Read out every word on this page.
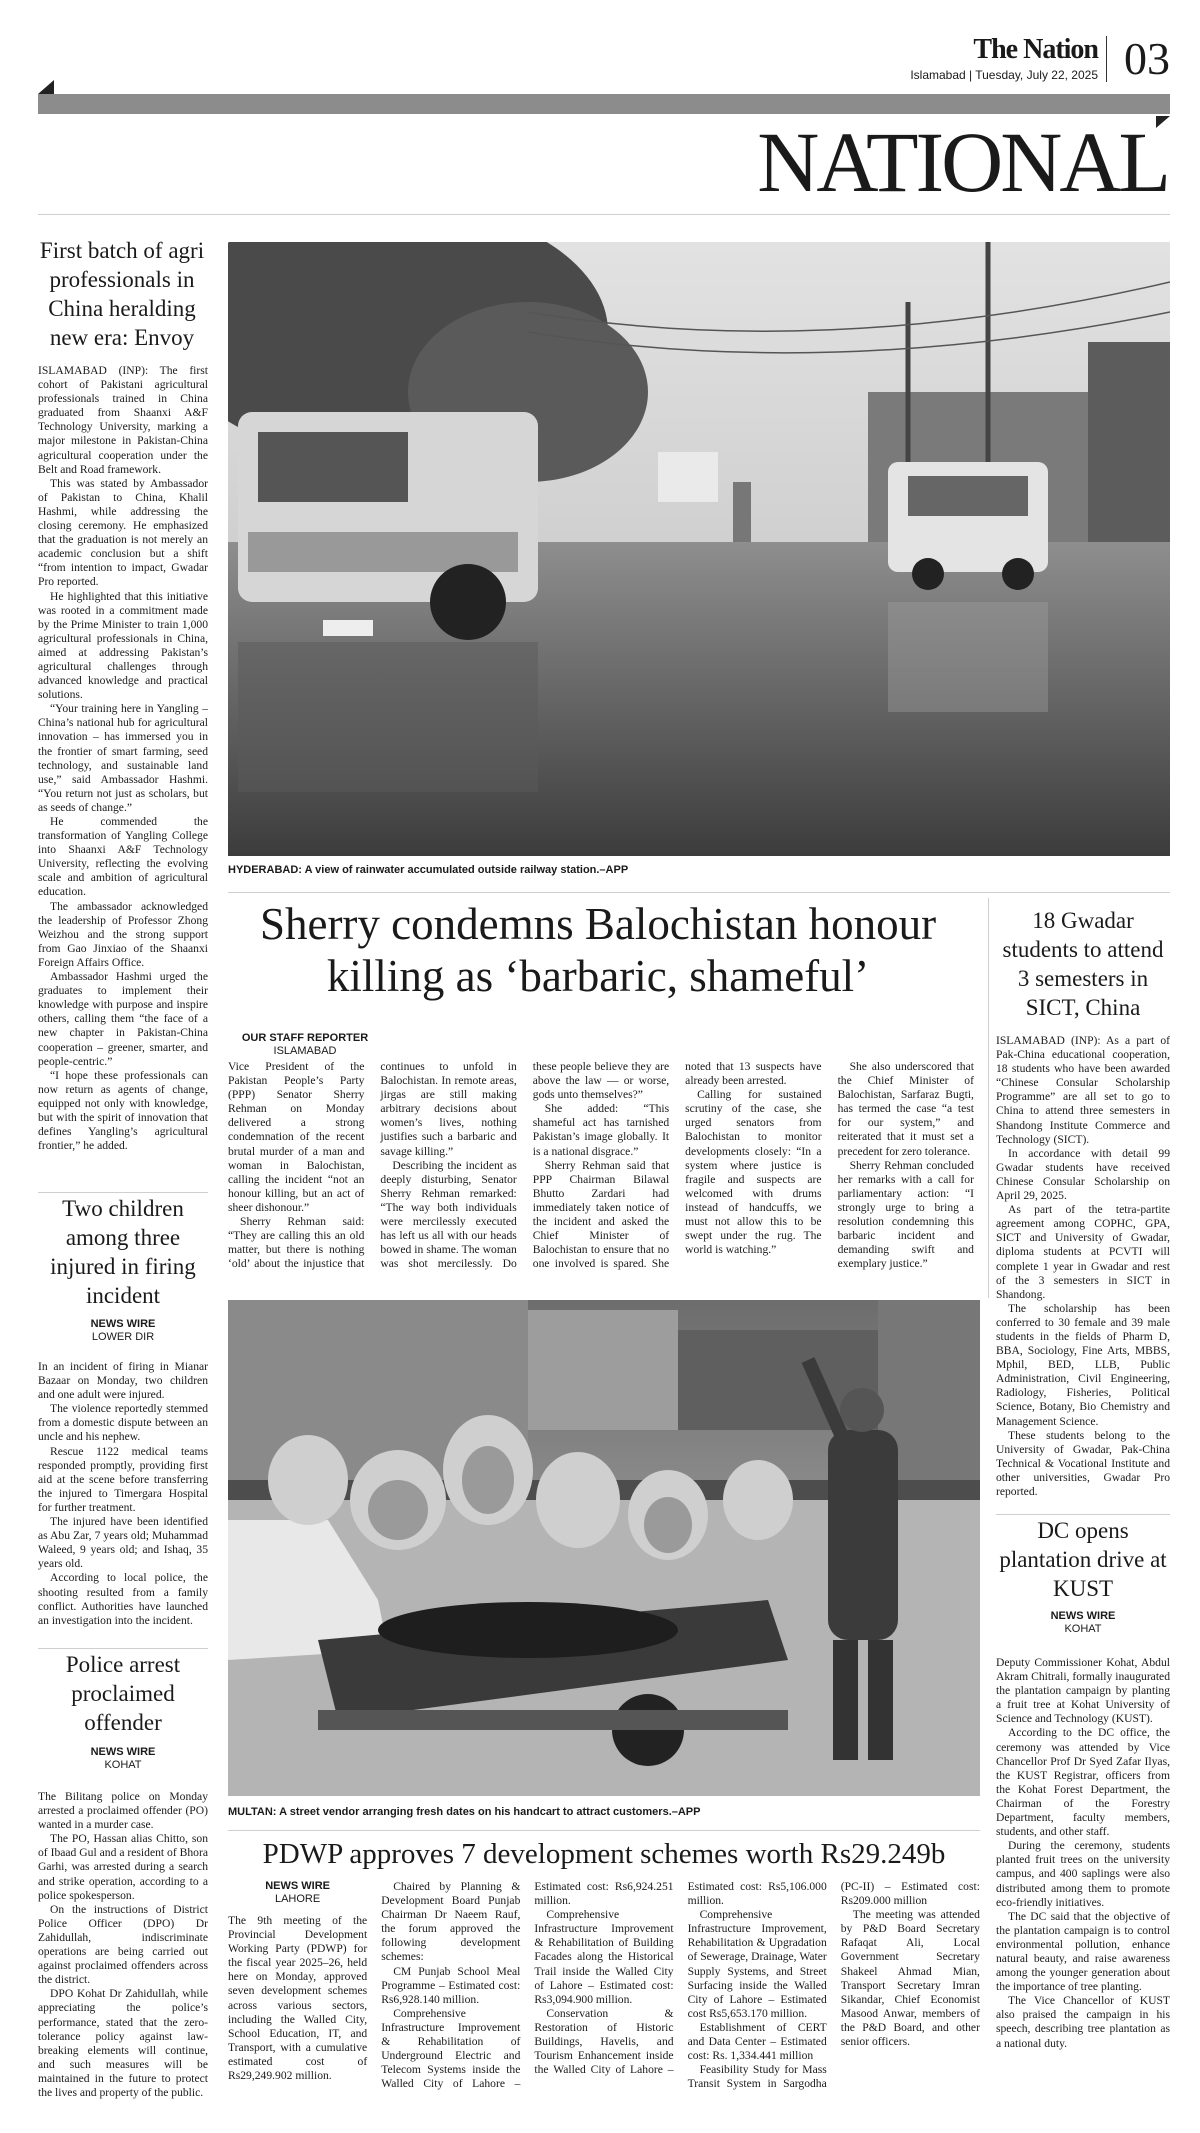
The Nation
Islamabad | Tuesday, July 22, 2025 03
NATIONAL
First batch of agri professionals in China heralding new era: Envoy

ISLAMABAD (INP): The first cohort of Pakistani agricultural professionals trained in China graduated from Shaanxi A&F Technology University, marking a major milestone in Pakistan-China agricultural cooperation under the Belt and Road framework.

This was stated by Ambassador of Pakistan to China, Khalil Hashmi, while addressing the closing ceremony. He emphasized that the graduation is not merely an academic conclusion but a shift “from intention to impact, Gwadar Pro reported.

He highlighted that this initiative was rooted in a commitment made by the Prime Minister to train 1,000 agricultural professionals in China, aimed at addressing Pakistan’s agricultural challenges through advanced knowledge and practical solutions.

“Your training here in Yangling – China’s national hub for agricultural innovation – has immersed you in the frontier of smart farming, seed technology, and sustainable land use,” said Ambassador Hashmi. “You return not just as scholars, but as seeds of change.”

He commended the transformation of Yangling College into Shaanxi A&F Technology University, reflecting the evolving scale and ambition of agricultural education.

The ambassador acknowledged the leadership of Professor Zhong Weizhou and the strong support from Gao Jinxiao of the Shaanxi Foreign Affairs Office.

Ambassador Hashmi urged the graduates to implement their knowledge with purpose and inspire others, calling them “the face of a new chapter in Pakistan-China cooperation – greener, smarter, and people-centric.”

“I hope these professionals can now return as agents of change, equipped not only with knowledge, but with the spirit of innovation that defines Yangling’s agricultural frontier,” he added.

Two children among three injured in firing incident
NEWS WIRE
LOWER DIR

In an incident of firing in Mianar Bazaar on Monday, two children and one adult were injured.

The violence reportedly stemmed from a domestic dispute between an uncle and his nephew.

Rescue 1122 medical teams responded promptly, providing first aid at the scene before transferring the injured to Timergara Hospital for further treatment.

The injured have been identified as Abu Zar, 7 years old; Muhammad Waleed, 9 years old; and Ishaq, 35 years old.

According to local police, the shooting resulted from a family conflict. Authorities have launched an investigation into the incident.

Police arrest proclaimed offender
NEWS WIRE
KOHAT

The Bilitang police on Monday arrested a proclaimed offender (PO) wanted in a murder case.

The PO, Hassan alias Chitto, son of Ibaad Gul and a resident of Bhora Garhi, was arrested during a search and strike operation, according to a police spokesperson.

On the instructions of District Police Officer (DPO) Dr Zahidullah, indiscriminate operations are being carried out against proclaimed offenders across the district.

DPO Kohat Dr Zahidullah, while appreciating the police’s performance, stated that the zero-tolerance policy against law-breaking elements will continue, and such measures will be maintained in the future to protect the lives and property of the public.

HYDERABAD: A view of rainwater accumulated outside railway station.–APP
Sherry condemns Balochistan honour killing as ‘barbaric, shameful’
OUR STAFF REPORTER
ISLAMABAD

Vice President of the Pakistan People’s Party (PPP) Senator Sherry Rehman on Monday delivered a strong condemnation of the recent brutal murder of a man and woman in Balochistan, calling the incident “not an honour killing, but an act of sheer dishonour.”

Sherry Rehman said: “They are calling this an old matter, but there is nothing ‘old’ about the injustice that continues to unfold in Balochistan. In remote areas, jirgas are still making arbitrary decisions about women’s lives, nothing justifies such a barbaric and savage killing.”

Describing the incident as deeply disturbing, Senator Sherry Rehman remarked: “The way both individuals were mercilessly executed has left us all with our heads bowed in shame. The woman was shot mercilessly. Do these people believe they are above the law — or worse, gods unto themselves?”

She added: “This shameful act has tarnished Pakistan’s image globally. It is a national disgrace.”

Sherry Rehman said that PPP Chairman Bilawal Bhutto Zardari had immediately taken notice of the incident and asked the Chief Minister of Balochistan to ensure that no one involved is spared. She noted that 13 suspects have already been arrested.

Calling for sustained scrutiny of the case, she urged senators from Balochistan to monitor developments closely: “In a system where justice is fragile and suspects are welcomed with drums instead of handcuffs, we must not allow this to be swept under the rug. The world is watching.”

She also underscored that the Chief Minister of Balochistan, Sarfaraz Bugti, has termed the case “a test for our system,” and reiterated that it must set a precedent for zero tolerance.

Sherry Rehman concluded her remarks with a call for parliamentary action: “I strongly urge to bring a resolution condemning this barbaric incident and demanding swift and exemplary justice.”

18 Gwadar students to attend 3 semesters in SICT, China

ISLAMABAD (INP): As a part of Pak-China educational cooperation, 18 students who have been awarded “Chinese Consular Scholarship Programme” are all set to go to China to attend three semesters in Shandong Institute Commerce and Technology (SICT).

In accordance with detail 99 Gwadar students have received Chinese Consular Scholarship on April 29, 2025.

As part of the tetra-partite agreement among COPHC, GPA, SICT and University of Gwadar, diploma students at PCVTI will complete 1 year in Gwadar and rest of the 3 semesters in SICT in Shandong.

The scholarship has been conferred to 30 female and 39 male students in the fields of Pharm D, BBA, Sociology, Fine Arts, MBBS, Mphil, BED, LLB, Public Administration, Civil Engineering, Radiology, Fisheries, Political Science, Botany, Bio Chemistry and Management Science.

These students belong to the University of Gwadar, Pak-China Technical & Vocational Institute and other universities, Gwadar Pro reported.

MULTAN: A street vendor arranging fresh dates on his handcart to attract customers.–APP
DC opens plantation drive at KUST
NEWS WIRE
KOHAT

Deputy Commissioner Kohat, Abdul Akram Chitrali, formally inaugurated the plantation campaign by planting a fruit tree at Kohat University of Science and Technology (KUST).

According to the DC office, the ceremony was attended by Vice Chancellor Prof Dr Syed Zafar Ilyas, the KUST Registrar, officers from the Kohat Forest Department, the Chairman of the Forestry Department, faculty members, students, and other staff.

During the ceremony, students planted fruit trees on the university campus, and 400 saplings were also distributed among them to promote eco-friendly initiatives.

The DC said that the objective of the plantation campaign is to control environmental pollution, enhance natural beauty, and raise awareness among the younger generation about the importance of tree planting.

The Vice Chancellor of KUST also praised the campaign in his speech, describing tree plantation as a national duty.

PDWP approves 7 development schemes worth Rs29.249b
NEWS WIRE
LAHORE

The 9th meeting of the Provincial Development Working Party (PDWP) for the fiscal year 2025–26, held here on Monday, approved seven development schemes across various sectors, including the Walled City, School Education, IT, and Transport, with a cumulative estimated cost of Rs29,249.902 million.

Chaired by Planning & Development Board Punjab Chairman Dr Naeem Rauf, the forum approved the following development schemes:

CM Punjab School Meal Programme – Estimated cost: Rs6,928.140 million.

Comprehensive Infrastructure Improvement & Rehabilitation of Underground Electric and Telecom Systems inside the Walled City of Lahore – Estimated cost: Rs6,924.251 million.

Comprehensive Infrastructure Improvement & Rehabilitation of Building Facades along the Historical Trail inside the Walled City of Lahore – Estimated cost: Rs3,094.900 million.

Conservation & Restoration of Historic Buildings, Havelis, and Tourism Enhancement inside the Walled City of Lahore – Estimated cost: Rs5,106.000 million.

Comprehensive Infrastructure Improvement, Rehabilitation & Upgradation of Sewerage, Drainage, Water Supply Systems, and Street Surfacing inside the Walled City of Lahore – Estimated cost Rs5,653.170 million.

Establishment of CERT and Data Center – Estimated cost: Rs. 1,334.441 million

Feasibility Study for Mass Transit System in Sargodha (PC-II) – Estimated cost: Rs209.000 million

The meeting was attended by P&D Board Secretary Rafaqat Ali, Local Government Secretary Shakeel Ahmad Mian, Transport Secretary Imran Sikandar, Chief Economist Masood Anwar, members of the P&D Board, and other senior officers.
